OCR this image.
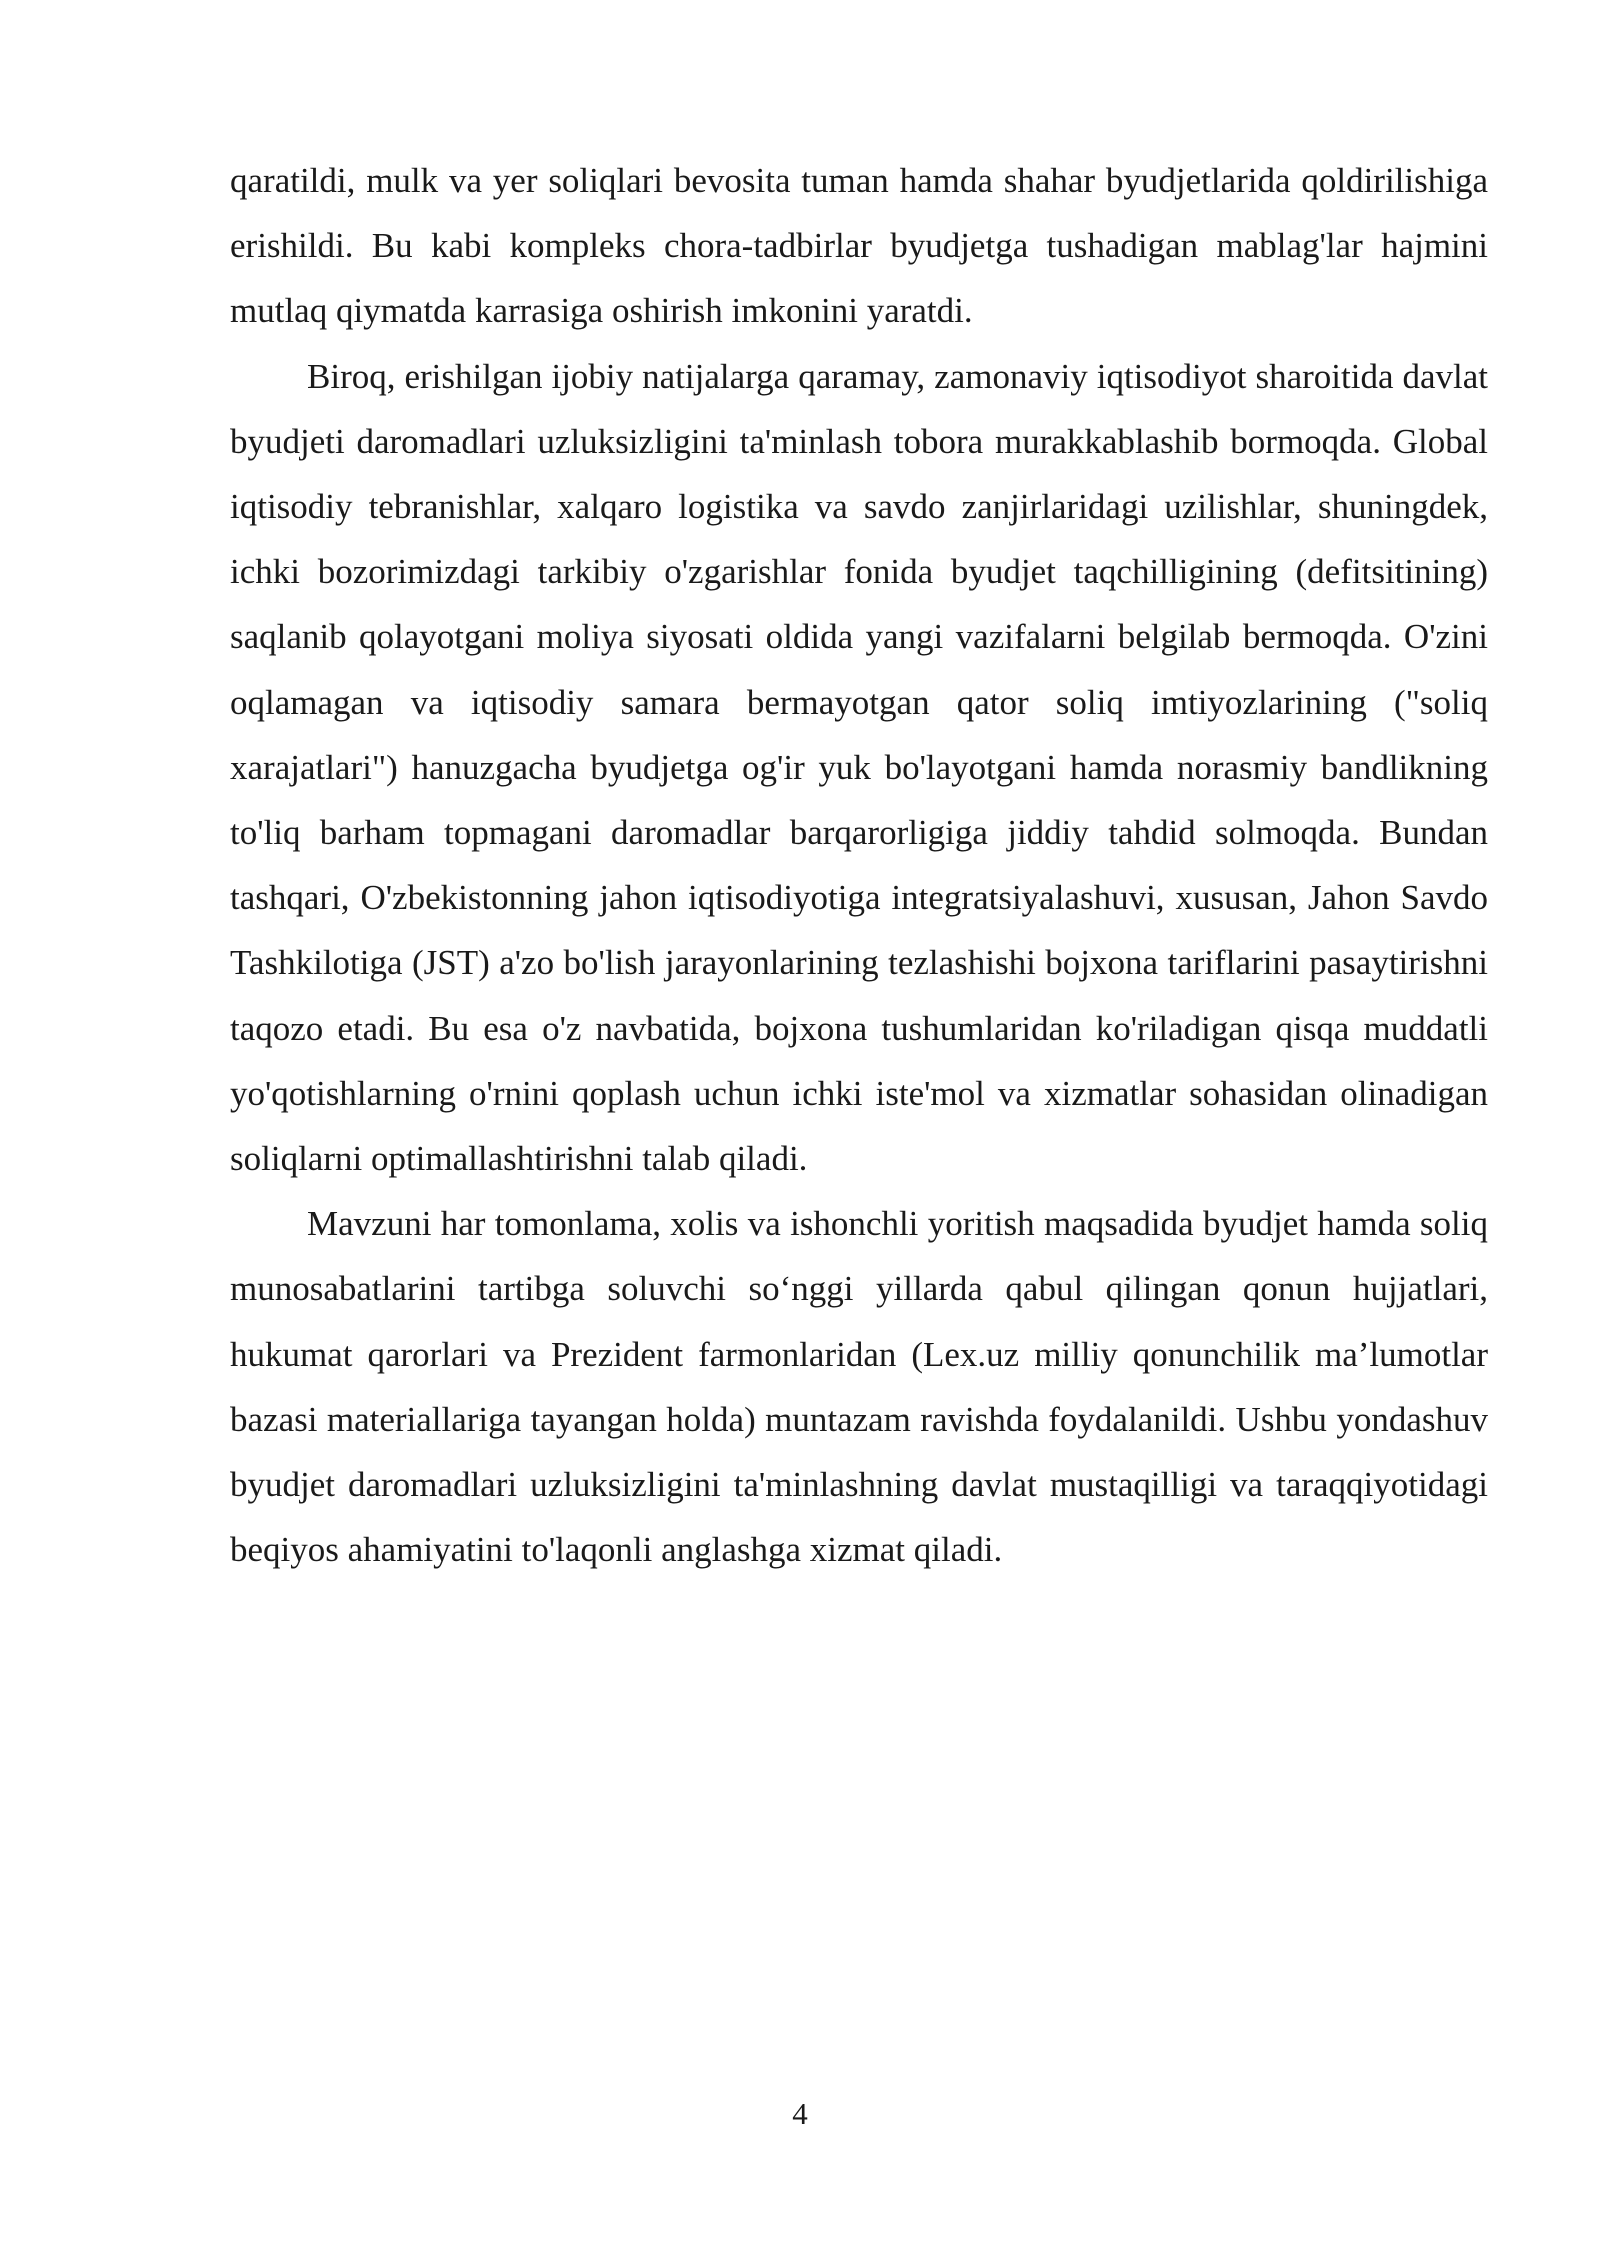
qaratildi, mulk va yer soliqlari bevosita tuman hamda shahar byudjetlarida qoldirilishiga erishildi. Bu kabi kompleks chora-tadbirlar byudjetga tushadigan mablag'lar hajmini mutlaq qiymatda karrasiga oshirish imkonini yaratdi.

Biroq, erishilgan ijobiy natijalarga qaramay, zamonaviy iqtisodiyot sharoitida davlat byudjeti daromadlari uzluksizligini ta'minlash tobora murakkablashib bormoqda. Global iqtisodiy tebranishlar, xalqaro logistika va savdo zanjirlaridagi uzilishlar, shuningdek, ichki bozorimizdagi tarkibiy o'zgarishlar fonida byudjet taqchilligining (defitsitining) saqlanib qolayotgani moliya siyosati oldida yangi vazifalarni belgilab bermoqda. O'zini oqlamagan va iqtisodiy samara bermayotgan qator soliq imtiyozlarining ("soliq xarajatlari") hanuzgacha byudjetga og'ir yuk bo'layotgani hamda norasmiy bandlikning to'liq barham topmagani daromadlar barqarorligiga jiddiy tahdid solmoqda. Bundan tashqari, O'zbekistonning jahon iqtisodiyotiga integratsiyalashuvi, xususan, Jahon Savdo Tashkilotiga (JST) a'zo bo'lish jarayonlarining tezlashishi bojxona tariflarini pasaytirishni taqozo etadi. Bu esa o'z navbatida, bojxona tushumlaridan ko'riladigan qisqa muddatli yo'qotishlarning o'rnini qoplash uchun ichki iste'mol va xizmatlar sohasidan olinadigan soliqlarni optimallashtirishni talab qiladi.

Mavzuni har tomonlama, xolis va ishonchli yoritish maqsadida byudjet hamda soliq munosabatlarini tartibga soluvchi so‘nggi yillarda qabul qilingan qonun hujjatlari, hukumat qarorlari va Prezident farmonlaridan (Lex.uz milliy qonunchilik ma’lumotlar bazasi materiallariga tayangan holda) muntazam ravishda foydalanildi. Ushbu yondashuv byudjet daromadlari uzluksizligini ta'minlashning davlat mustaqilligi va taraqqiyotidagi beqiyos ahamiyatini to'laqonli anglashga xizmat qiladi.

4
